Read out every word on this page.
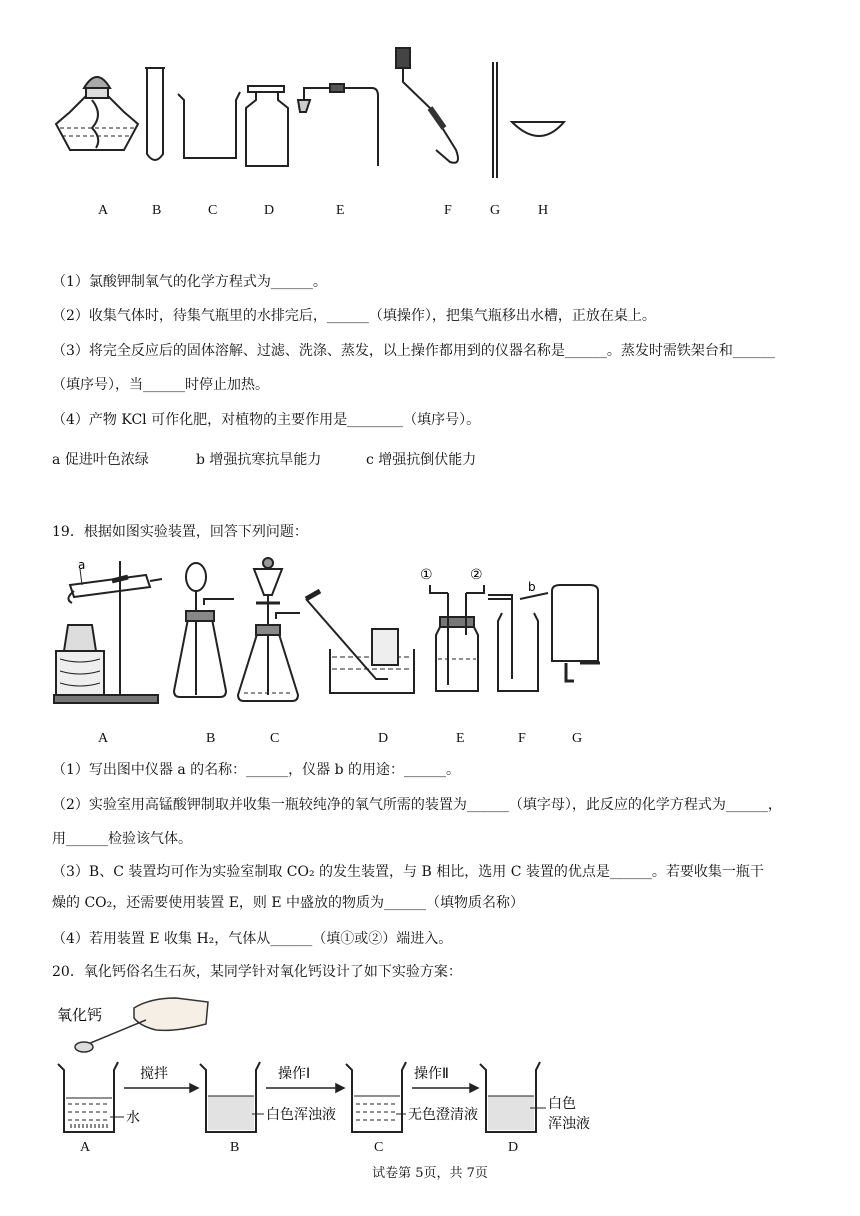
A	B	C	D	E	F	G	H
（1）氯酸钾制氧气的化学方程式为______。
（2）收集气体时，待集气瓶里的水排完后，______（填操作），把集气瓶移出水槽，正放在桌上。
（3）将完全反应后的固体溶解、过滤、洗涤、蒸发，以上操作都用到的仪器名称是______。蒸发时需铁架台和______
（填序号），当______时停止加热。
（4）产物 KCl 可作化肥，对植物的主要作用是________（填序号）。
a 促进叶色浓绿	b 增强抗寒抗旱能力	c 增强抗倒伏能力
19．根据如图实验装置，回答下列问题：
a
①	②
b
A	B	C	D	E	F	G
（1）写出图中仪器 a 的名称：______，仪器 b 的用途：______。
（2）实验室用高锰酸钾制取并收集一瓶较纯净的氧气所需的装置为______（填字母），此反应的化学方程式为______，
用______检验该气体。
（3）B、C 装置均可作为实验室制取 CO₂ 的发生装置，与 B 相比，选用 C 装置的优点是______。若要收集一瓶干
燥的 CO₂，还需要使用装置 E，则 E 中盛放的物质为______（填物质名称）
（4）若用装置 E 收集 H₂，气体从______（填①或②）端进入。
20．氧化钙俗名生石灰，某同学针对氧化钙设计了如下实验方案：
氧化钙
搅拌	操作Ⅰ	操作Ⅱ
水	白色浑浊液	无色澄清液
白色
浑浊液
A	B	C	D
试卷第 5页，共 7页
